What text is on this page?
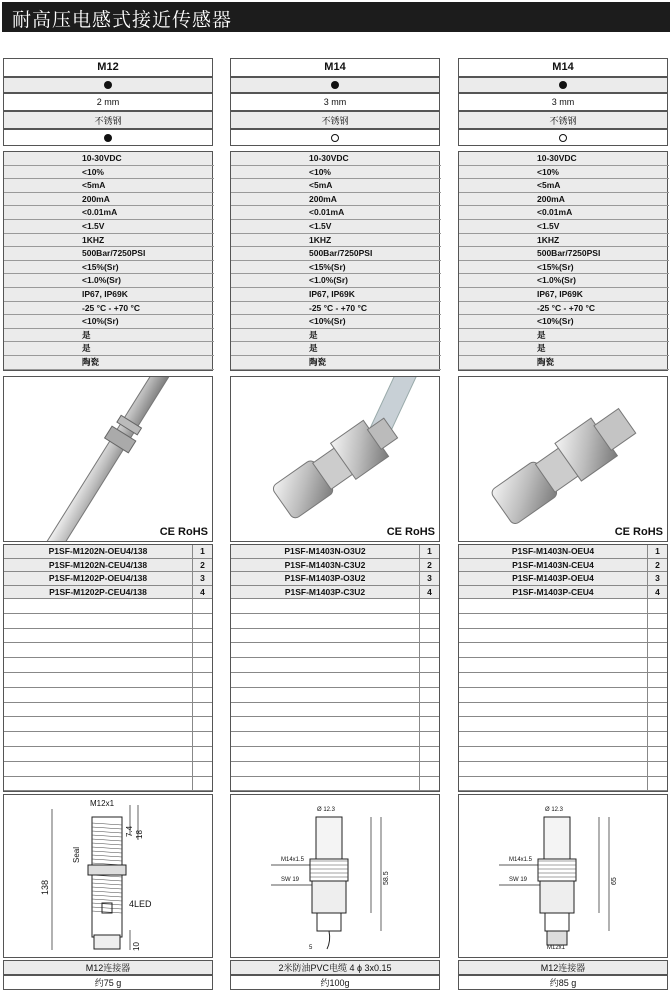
耐高压电感式接近传感器
M12
2 mm
不锈钢
10-30VDC
<10%
<5mA
200mA
<0.01mA
<1.5V
1KHZ
500Bar/7250PSI
<15%(Sr)
<1.0%(Sr)
IP67, IP69K
-25 °C - +70 °C
<10%(Sr)
是
是
陶瓷
CE RoHS
P1SF-M1202N-OEU4/138	1
P1SF-M1202N-CEU4/138	2
P1SF-M1202P-OEU4/138	3
P1SF-M1202P-CEU4/138	4
M12x1
7.4 18
Seal
138
4LED
10
M12连接器
约75 g
M14
3 mm
不锈钢
10-30VDC
<10%
<5mA
200mA
<0.01mA
<1.5V
1KHZ
500Bar/7250PSI
<15%(Sr)
<1.0%(Sr)
IP67, IP69K
-25 °C - +70 °C
<10%(Sr)
是
是
陶瓷
CE RoHS
P1SF-M1403N-O3U2	1
P1SF-M1403N-C3U2	2
P1SF-M1403P-O3U2	3
P1SF-M1403P-C3U2	4
Ø 12.3
M14x1.5
SW 19	58.5
5
2米防油PVC电缆 4 ɸ 3x0.15
约100g
M14
3 mm
不锈钢
10-30VDC
<10%
<5mA
200mA
<0.01mA
<1.5V
1KHZ
500Bar/7250PSI
<15%(Sr)
<1.0%(Sr)
IP67, IP69K
-25 °C - +70 °C
<10%(Sr)
是
是
陶瓷
CE RoHS
P1SF-M1403N-OEU4	1
P1SF-M1403N-CEU4	2
P1SF-M1403P-OEU4	3
P1SF-M1403P-CEU4	4
Ø 12.3
M14x1.5
SW 19	65
M12x1
M12连接器
约85 g
